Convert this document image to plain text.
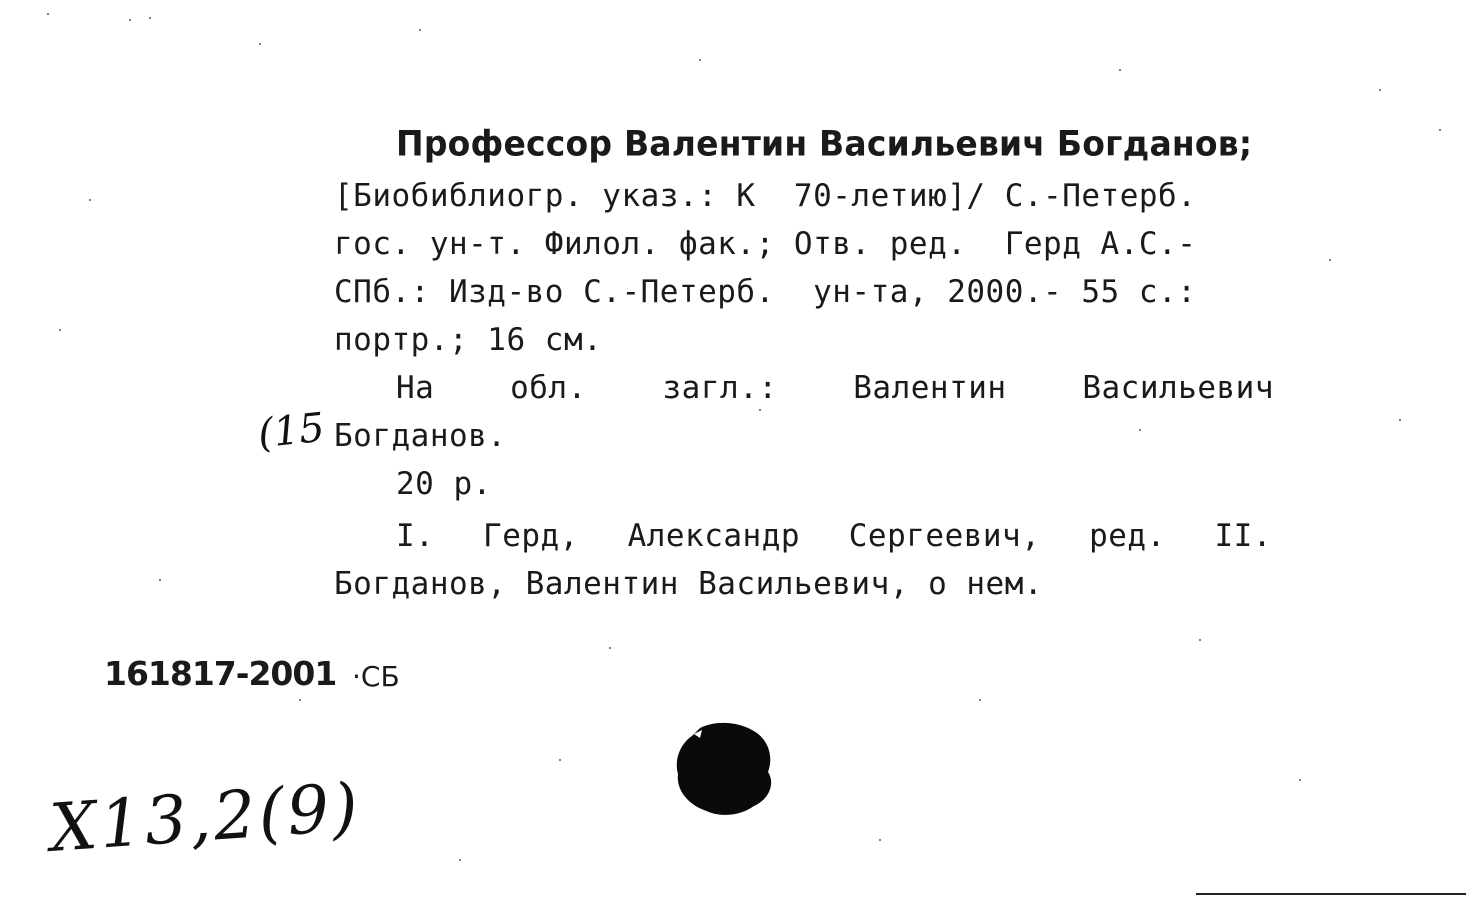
Профессор Валентин Васильевич Богданов;
[Биобиблиогр. указ.: К  70-летию]/ С.-Петерб.
гос. ун-т. Филол. фак.; Отв. ред.  Герд А.С.-
СПб.: Изд-во С.-Петерб.  ун-та, 2000.- 55 с.:
портр.; 16 см.
На обл. загл.: Валентин Васильевич
Богданов.
20 р.
I. Герд, Александр Сергеевич, ред. II.
Богданов, Валентин Васильевич, о нем.
161817-2001 ·СБ
(15
Х13,2(9)
